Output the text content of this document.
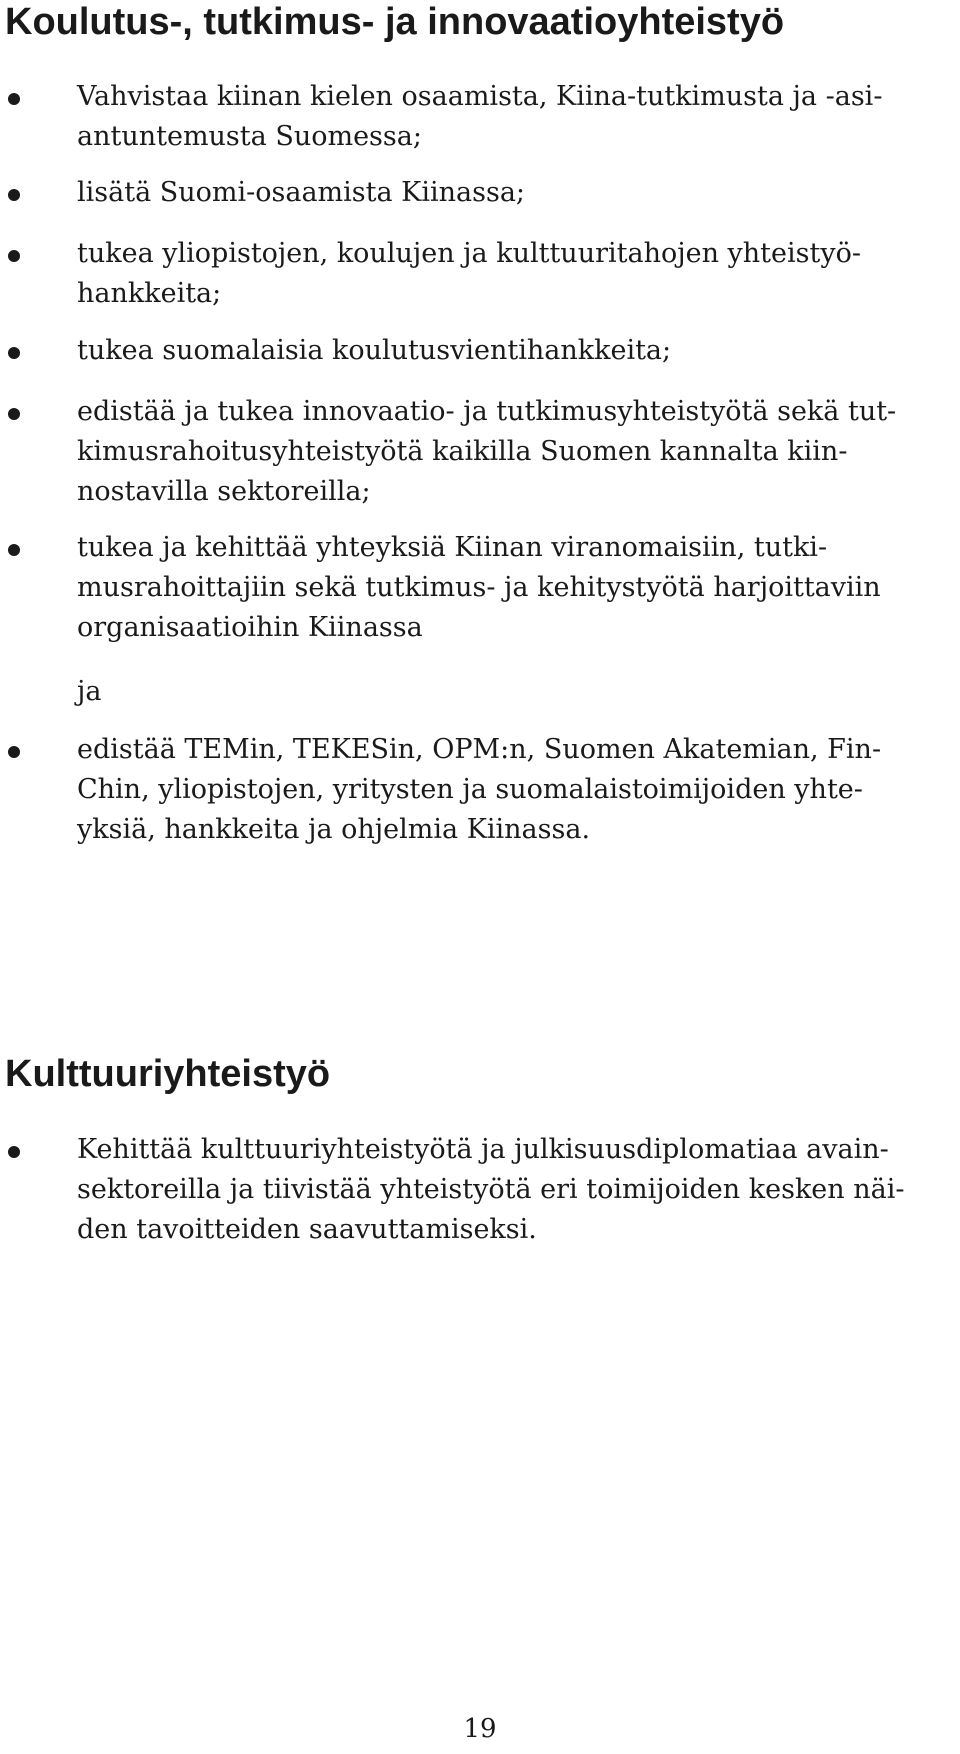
Koulutus-, tutkimus- ja innovaatioyhteistyö
Vahvistaa kiinan kielen osaamista, Kiina-tutkimusta ja -asi-
antuntemusta Suomessa;
lisätä Suomi-osaamista Kiinassa;
tukea yliopistojen, koulujen ja kulttuuritahojen yhteistyö-
hankkeita;
tukea suomalaisia koulutusvientihankkeita;
edistää ja tukea innovaatio- ja tutkimusyhteistyötä sekä tut-
kimusrahoitusyhteistyötä kaikilla Suomen kannalta kiin-
nostavilla sektoreilla;
tukea ja kehittää yhteyksiä Kiinan viranomaisiin, tutki-
musrahoittajiin sekä tutkimus- ja kehitystyötä harjoittaviin
organisaatioihin Kiinassa
ja
edistää TEMin, TEKESin, OPM:n, Suomen Akatemian, Fin-
Chin, yliopistojen, yritysten ja suomalaistoimijoiden yhte-
yksiä, hankkeita ja ohjelmia Kiinassa.
Kulttuuriyhteistyö
Kehittää kulttuuriyhteistyötä ja julkisuusdiplomatiaa avain-
sektoreilla ja tiivistää yhteistyötä eri toimijoiden kesken näi-
den tavoitteiden saavuttamiseksi.
19
